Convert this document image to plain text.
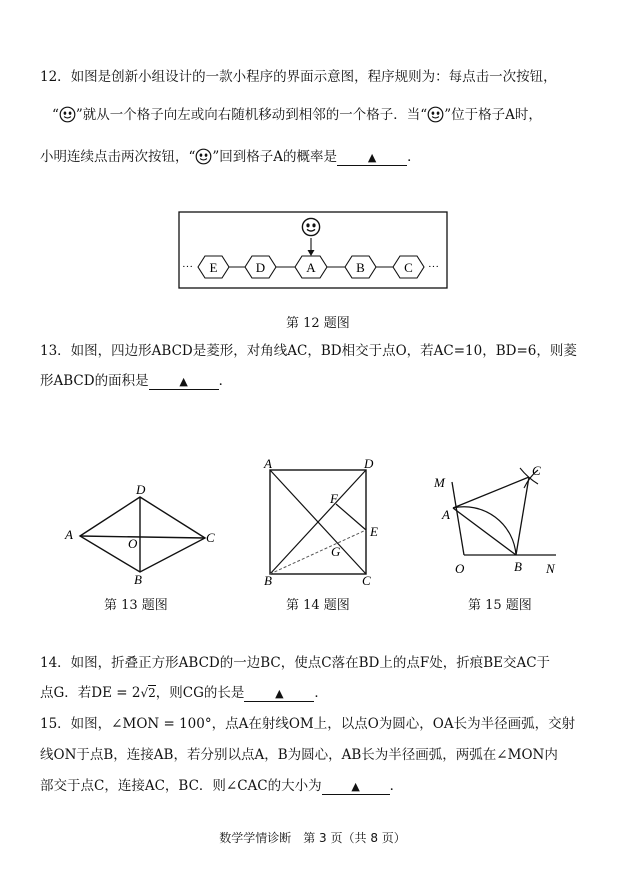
12．如图是创新小组设计的一款小程序的界面示意图，程序规则为：每点击一次按钮，
“ ”就从一个格子向左或向右随机移动到相邻的一个格子．当“ ”位于格子A时，
小明连续点击两次按钮，“ ”回到格子A的概率是	▲ ．
···	···
E	D	A	B	C
第 12 题图
13．如图，四边形ABCD是菱形，对角线AC，BD相交于点O，若AC=10，BD=6，则菱
形ABCD的面积是	▲ ．
A
D
C
B
O
第 13 题图
A	D
B	C
E
F
G
第 14 题图
M
A
C
O	B N
第 15 题图
14．如图，折叠正方形ABCD的一边BC，使点C落在BD上的点F处，折痕BE交AC于
点G．若DE = 2√2，则CG的长是	▲ ．
15．如图，∠MON = 100°，点A在射线OM上，以点O为圆心，OA长为半径画弧，交射
线ON于点B，连接AB，若分别以点A，B为圆心，AB长为半径画弧，两弧在∠MON内
部交于点C，连接AC，BC．则∠CAC的大小为	▲ ．
数学学情诊断　第 3 页（共 8 页）
